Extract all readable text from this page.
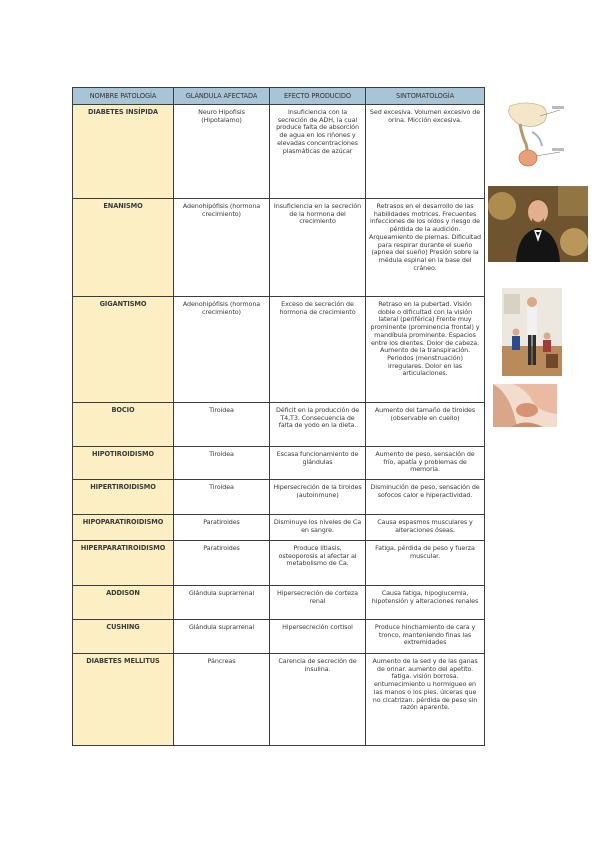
NOMBRE PATOLOGÍA	GLÁNDULA AFECTADA	EFECTO PRODUCIDO	SINTOMATOLOGÍA
DIABETES INSÍPIDA	Neuro Hipofisis (Hipotalamo)	Insuficiencia con la secreción de ADH, la cual produce falta de absorción de agua en los riñones y elevadas concentraciones plasmáticas de azúcar	Sed excesiva. Volumen excesivo de orina. Micción excesiva.
ENANISMO	Adenohipófisis (hormona crecimiento)	Insuficiencia en la secreción de la hormona del crecimiento	Retrasos en el desarrollo de las habilidades motrices. Frecuentes infecciones de los oídos y riesgo de pérdida de la audición. Arqueamiento de piernas. Dificultad para respirar durante el sueño (apnea del sueño) Presión sobre la médula espinal en la base del cráneo.
GIGANTISMO	Adenohipófisis (hormona crecimiento)	Exceso de secreción de hormona de crecimiento	Retraso en la pubertad. Visión doble o dificultad con la visión lateral (periférica) Frente muy prominente (prominencia frontal) y mandíbula prominente. Espacios entre los dientes. Dolor de cabeza. Aumento de la transpiración. Periodos (menstruación) irregulares. Dolor en las articulaciones.
BOCIO	Tiroidea	Déficit en la producción de T4,T3. Consecuencia de falta de yodo en la dieta.	Aumento del tamaño de tiroides (observable en cuello)
HIPOTIROIDISMO	Tiroidea	Escasa funcionamiento de glándulas	Aumento de peso, sensación de frío, apatía y problemas de memoria.
HIPERTIROIDISMO	Tiroidea	Hipersecreción de la tiroides (autoinmune)	Disminución de peso, sensación de sofocos calor e hiperactividad.
HIPOPARATIROIDISMO	Paratiroides	Disminuye los niveles de Ca en sangre.	Causa espasmos musculares y alteraciones óseas.
HIPERPARATIROIDISMO	Paratiroides	Produce litiasis, osteoporosis al afectar al metabolismo de Ca.	Fatiga, pérdida de peso y fuerza muscular.
ADDISON	Glándula suprarrenal	Hipersecreción de corteza renal	Causa fatiga, hipoglucemia, hipotensión y alteraciones renales
CUSHING	Glándula suprarrenal	Hipersecreción cortisol	Produce hinchamiento de cara y tronco, manteniendo finas las extremidades
DIABETES MELLITUS	Páncreas	Carencia de secreción de insulina.	Aumento de la sed y de las ganas de orinar. aumento del apetito. fatiga. visión borrosa. entumecimiento u hormigueo en las manos o los pies. úlceras que no cicatrizan. pérdida de peso sin razón aparente.
